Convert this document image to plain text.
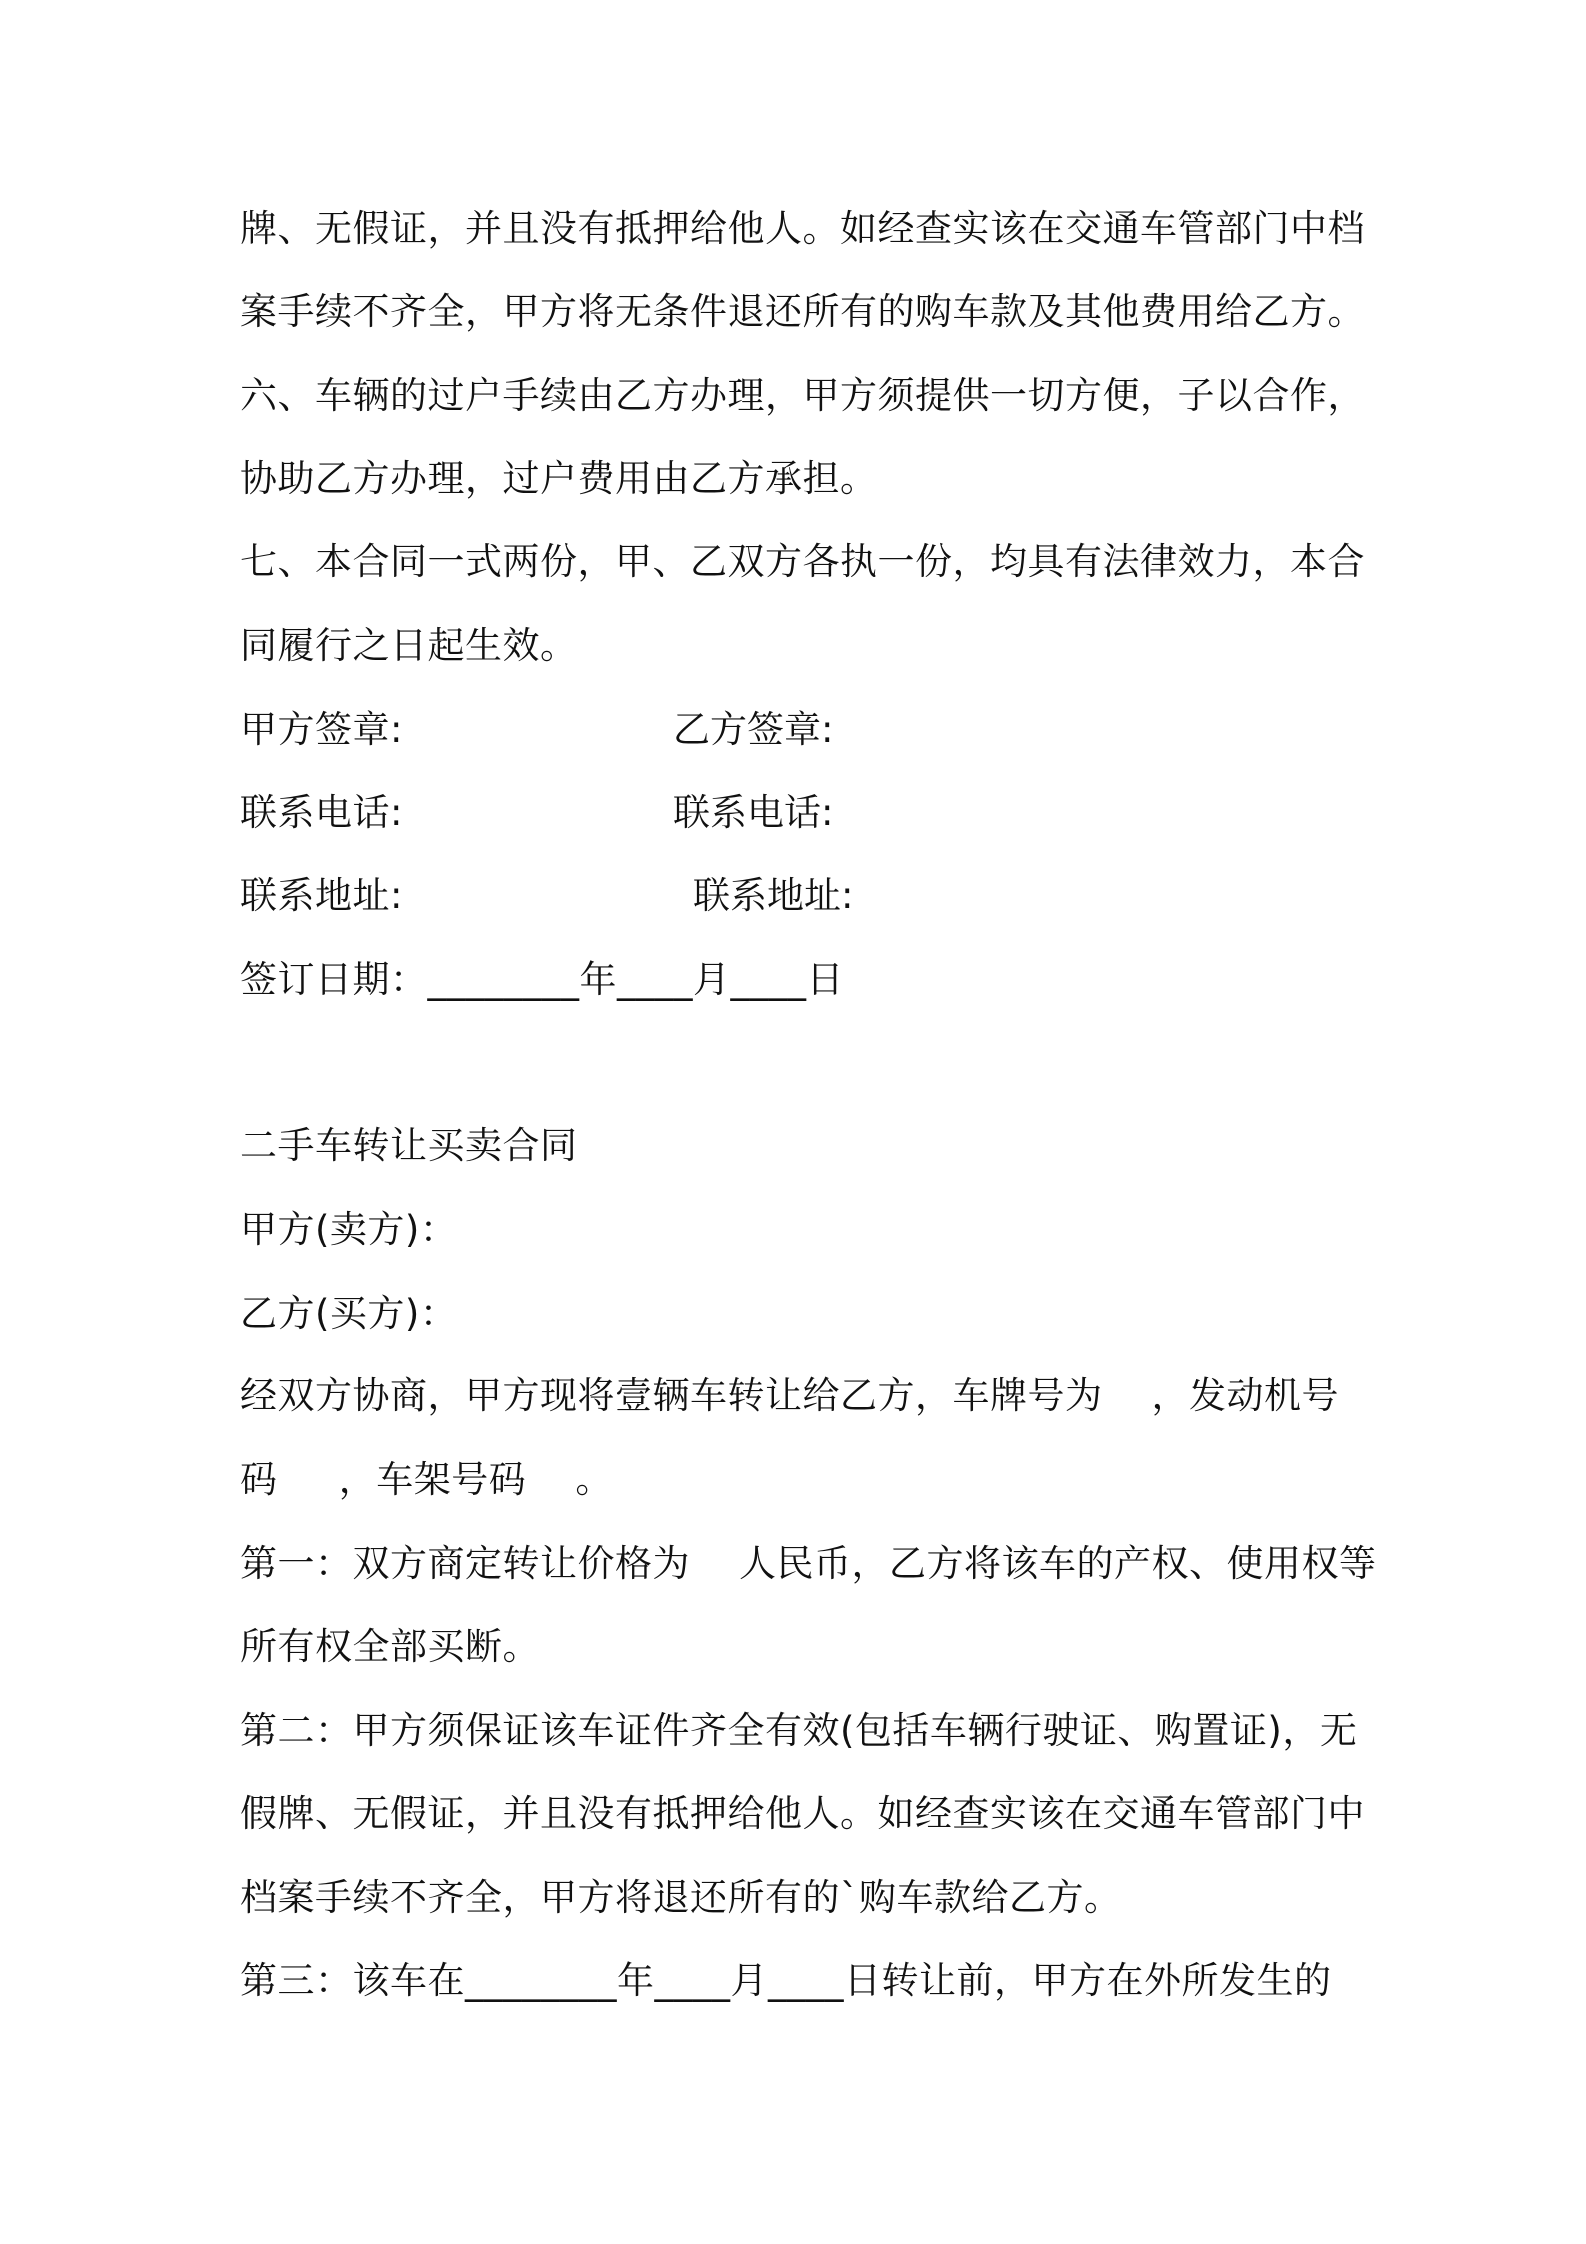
牌、无假证，并且没有抵押给他人。如经查实该在交通车管部门中档

案手续不齐全，甲方将无条件退还所有的购车款及其他费用给乙方。

六、车辆的过户手续由乙方办理，甲方须提供一切方便，子以合作，

协助乙方办理，过户费用由乙方承担。

七、本合同一式两份，甲、乙双方各执一份，均具有法律效力，本合

同履行之日起生效。

甲方签章:	乙方签章:

联系电话:	联系电话:

联系地址:	联系地址:

签订日期：________年____月____日

二手车转让买卖合同

甲方(卖方)：

乙方(买方)：

经双方协商，甲方现将壹辆车转让给乙方，车牌号为    ，发动机号

码     ，车架号码    。

第一：双方商定转让价格为    人民币，乙方将该车的产权、使用权等

所有权全部买断。

第二：甲方须保证该车证件齐全有效(包括车辆行驶证、购置证)，无

假牌、无假证，并且没有抵押给他人。如经查实该在交通车管部门中

档案手续不齐全，甲方将退还所有的`购车款给乙方。

第三：该车在________年____月____日转让前，甲方在外所发生的
